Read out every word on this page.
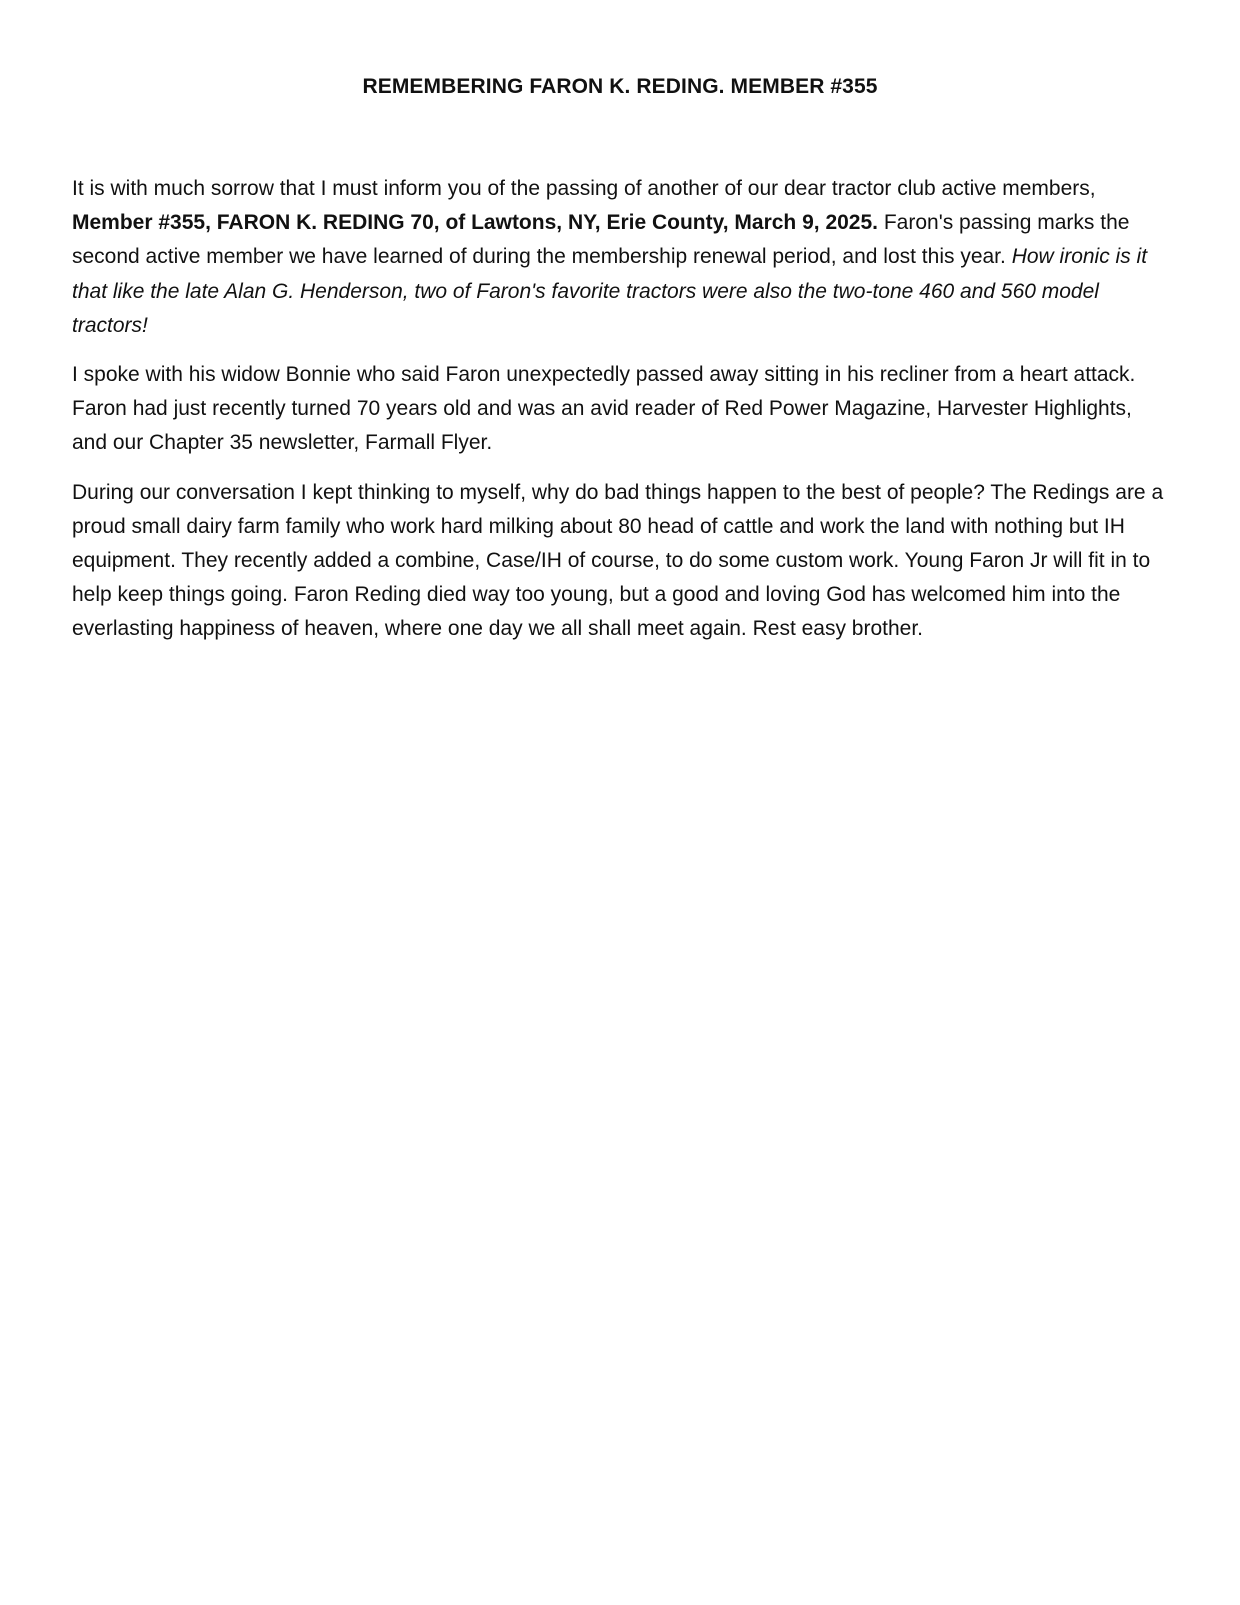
REMEMBERING FARON K. REDING. MEMBER #355

It is with much sorrow that I must inform you of the passing of another of our dear tractor club active members, Member #355, FARON K. REDING 70, of Lawtons, NY, Erie County, March 9, 2025. Faron's passing marks the second active member we have learned of during the membership renewal period, and lost this year. How ironic is it that like the late Alan G. Henderson, two of Faron's favorite tractors were also the two-tone 460 and 560 model tractors!

I spoke with his widow Bonnie who said Faron unexpectedly passed away sitting in his recliner from a heart attack. Faron had just recently turned 70 years old and was an avid reader of Red Power Magazine, Harvester Highlights, and our Chapter 35 newsletter, Farmall Flyer.

During our conversation I kept thinking to myself, why do bad things happen to the best of people? The Redings are a proud small dairy farm family who work hard milking about 80 head of cattle and work the land with nothing but IH equipment. They recently added a combine, Case/IH of course, to do some custom work. Young Faron Jr will fit in to help keep things going. Faron Reding died way too young, but a good and loving God has welcomed him into the everlasting happiness of heaven, where one day we all shall meet again. Rest easy brother.
